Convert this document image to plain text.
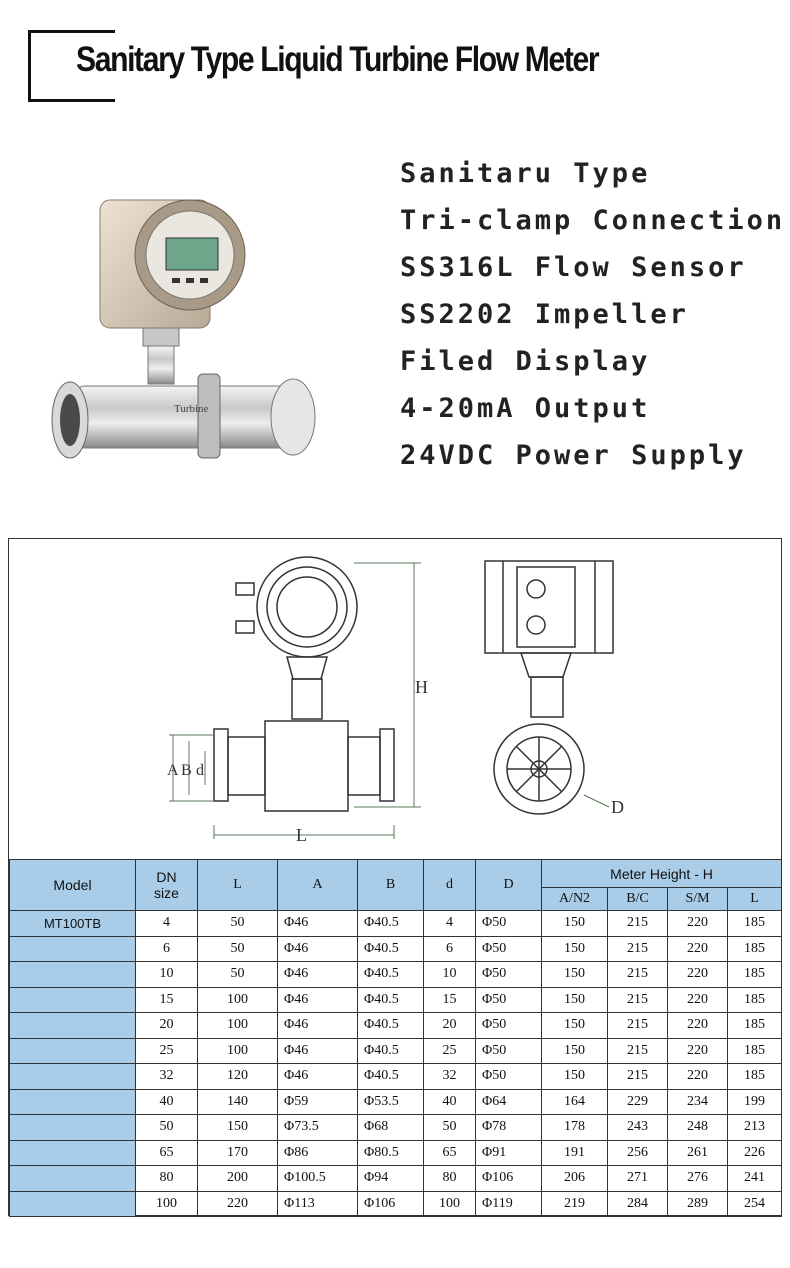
Sanitary Type Liquid Turbine Flow Meter
Turbine
Sanitaru Type
Tri-clamp Connection
SS316L Flow Sensor
SS2202 Impeller
Filed Display
4-20mA Output
24VDC Power Supply
H
L
A B d
D
Model	DN
size	L	A	B	d	D	Meter Height - H			
							A/N2	B/C	S/M	L
MT100TB	4	50	Φ46	Φ40.5	4	Φ50	150	215	220	185
	6	50	Φ46	Φ40.5	6	Φ50	150	215	220	185
	10	50	Φ46	Φ40.5	10	Φ50	150	215	220	185
	15	100	Φ46	Φ40.5	15	Φ50	150	215	220	185
	20	100	Φ46	Φ40.5	20	Φ50	150	215	220	185
	25	100	Φ46	Φ40.5	25	Φ50	150	215	220	185
	32	120	Φ46	Φ40.5	32	Φ50	150	215	220	185
	40	140	Φ59	Φ53.5	40	Φ64	164	229	234	199
	50	150	Φ73.5	Φ68	50	Φ78	178	243	248	213
	65	170	Φ86	Φ80.5	65	Φ91	191	256	261	226
	80	200	Φ100.5	Φ94	80	Φ106	206	271	276	241
	100	220	Φ113	Φ106	100	Φ119	219	284	289	254
